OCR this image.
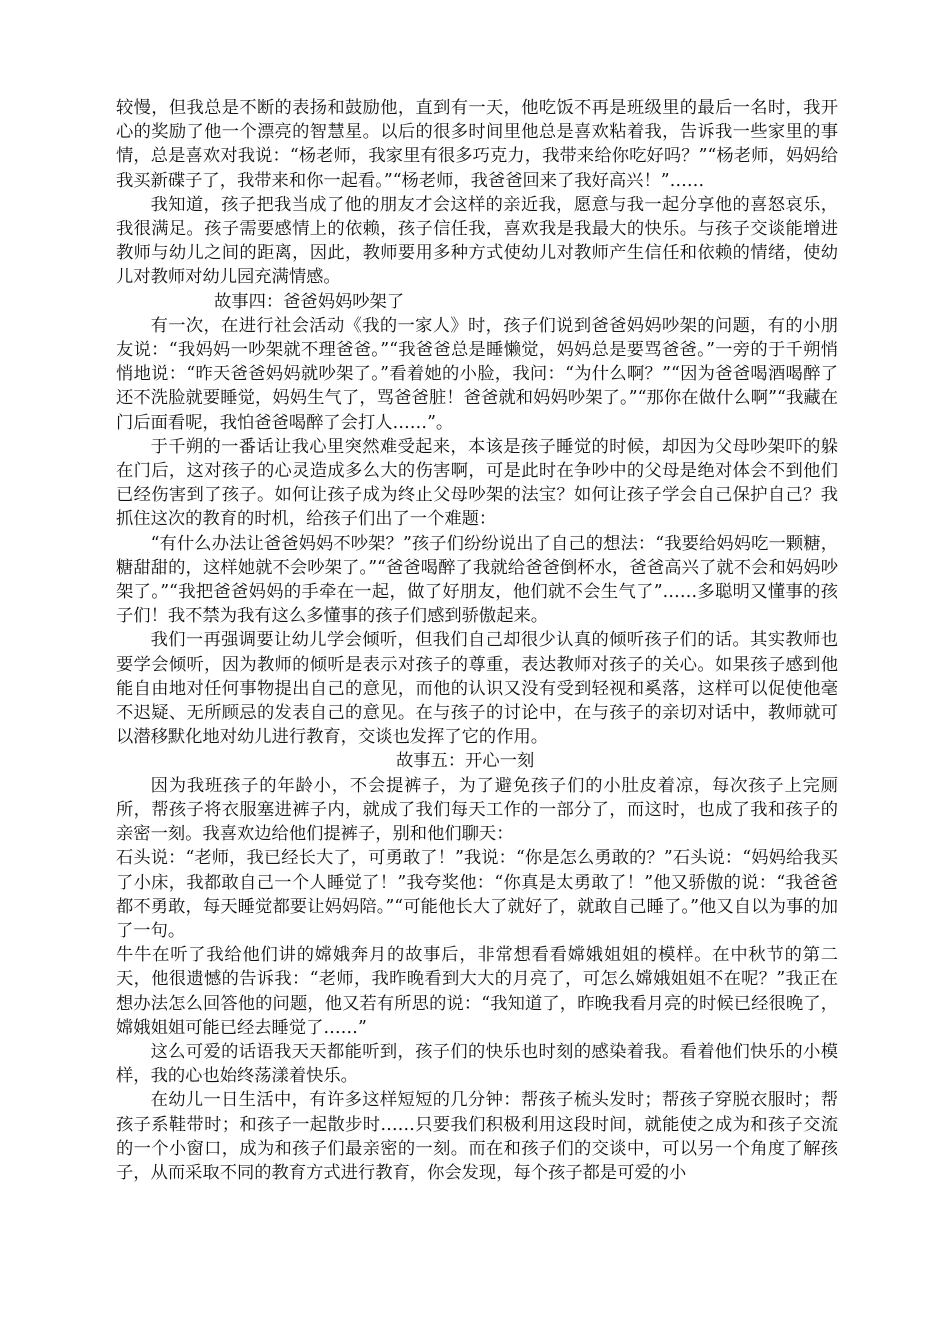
较慢，但我总是不断的表扬和鼓励他，直到有一天，他吃饭不再是班级里的最后一名时，我开心的奖励了他一个漂亮的智慧星。以后的很多时间里他总是喜欢粘着我，告诉我一些家里的事情，总是喜欢对我说：“杨老师，我家里有很多巧克力，我带来给你吃好吗？”“杨老师，妈妈给我买新碟子了，我带来和你一起看。”“杨老师，我爸爸回来了我好高兴！”……

我知道，孩子把我当成了他的朋友才会这样的亲近我，愿意与我一起分享他的喜怒哀乐，我很满足。孩子需要感情上的依赖，孩子信任我，喜欢我是我最大的快乐。与孩子交谈能增进教师与幼儿之间的距离，因此，教师要用多种方式使幼儿对教师产生信任和依赖的情绪，使幼儿对教师对幼儿园充满情感。

故事四：爸爸妈妈吵架了

有一次，在进行社会活动《我的一家人》时，孩子们说到爸爸妈妈吵架的问题，有的小朋友说：“我妈妈一吵架就不理爸爸。”“我爸爸总是睡懒觉，妈妈总是要骂爸爸。”一旁的于千朔悄悄地说：“昨天爸爸妈妈就吵架了。”看着她的小脸，我问：“为什么啊？”“因为爸爸喝酒喝醉了还不洗脸就要睡觉，妈妈生气了，骂爸爸脏！爸爸就和妈妈吵架了。”“那你在做什么啊”“我藏在门后面看呢，我怕爸爸喝醉了会打人……”。

于千朔的一番话让我心里突然难受起来，本该是孩子睡觉的时候，却因为父母吵架吓的躲在门后，这对孩子的心灵造成多么大的伤害啊，可是此时在争吵中的父母是绝对体会不到他们已经伤害到了孩子。如何让孩子成为终止父母吵架的法宝？如何让孩子学会自己保护自己？我抓住这次的教育的时机，给孩子们出了一个难题：

“有什么办法让爸爸妈妈不吵架？”孩子们纷纷说出了自己的想法：“我要给妈妈吃一颗糖，糖甜甜的，这样她就不会吵架了。”“爸爸喝醉了我就给爸爸倒杯水，爸爸高兴了就不会和妈妈吵架了。”“我把爸爸妈妈的手牵在一起，做了好朋友，他们就不会生气了”……多聪明又懂事的孩子们！我不禁为我有这么多懂事的孩子们感到骄傲起来。

我们一再强调要让幼儿学会倾听，但我们自己却很少认真的倾听孩子们的话。其实教师也要学会倾听，因为教师的倾听是表示对孩子的尊重，表达教师对孩子的关心。如果孩子感到他能自由地对任何事物提出自己的意见，而他的认识又没有受到轻视和奚落，这样可以促使他毫不迟疑、无所顾忌的发表自己的意见。在与孩子的讨论中，在与孩子的亲切对话中，教师就可以潜移默化地对幼儿进行教育，交谈也发挥了它的作用。

故事五：开心一刻

因为我班孩子的年龄小，不会提裤子，为了避免孩子们的小肚皮着凉，每次孩子上完厕所，帮孩子将衣服塞进裤子内，就成了我们每天工作的一部分了，而这时，也成了我和孩子的亲密一刻。我喜欢边给他们提裤子，别和他们聊天：

石头说：“老师，我已经长大了，可勇敢了！”我说：“你是怎么勇敢的？”石头说：“妈妈给我买了小床，我都敢自己一个人睡觉了！”我夸奖他：“你真是太勇敢了！”他又骄傲的说：“我爸爸都不勇敢，每天睡觉都要让妈妈陪。”“可能他长大了就好了，就敢自己睡了。”他又自以为事的加了一句。

牛牛在听了我给他们讲的嫦娥奔月的故事后，非常想看看嫦娥姐姐的模样。在中秋节的第二天，他很遗憾的告诉我：“老师，我昨晚看到大大的月亮了，可怎么嫦娥姐姐不在呢？”我正在想办法怎么回答他的问题，他又若有所思的说：“我知道了，昨晚我看月亮的时候已经很晚了，嫦娥姐姐可能已经去睡觉了……”

这么可爱的话语我天天都能听到，孩子们的快乐也时刻的感染着我。看着他们快乐的小模样，我的心也始终荡漾着快乐。

在幼儿一日生活中，有许多这样短短的几分钟：帮孩子梳头发时；帮孩子穿脱衣服时；帮孩子系鞋带时；和孩子一起散步时……只要我们积极利用这段时间，就能使之成为和孩子交流的一个小窗口，成为和孩子们最亲密的一刻。而在和孩子们的交谈中，可以另一个角度了解孩子，从而采取不同的教育方式进行教育，你会发现，每个孩子都是可爱的小
